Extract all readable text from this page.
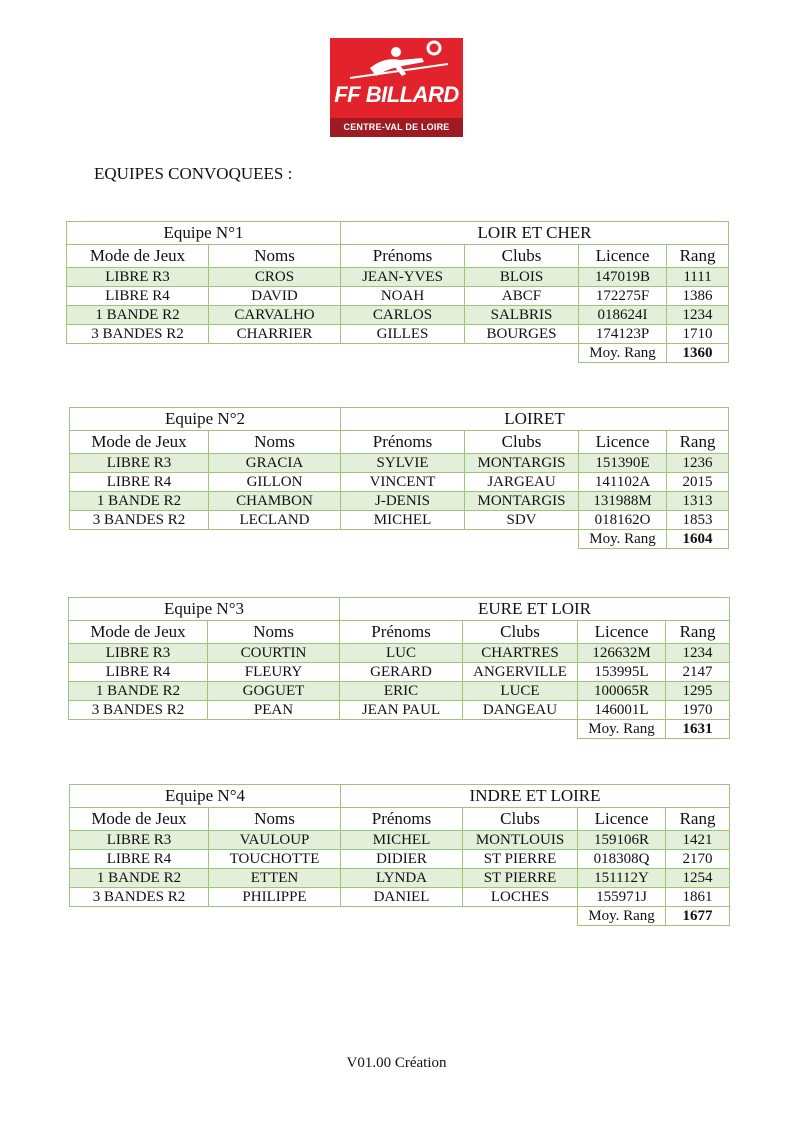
FF BILLARD
CENTRE-VAL DE LOIRE
EQUIPES CONVOQUEES :
Equipe N°1		LOIR ET CHER			
Mode de Jeux	Noms	Prénoms	Clubs	Licence	Rang
LIBRE R3	CROS	JEAN-YVES	BLOIS	147019B	1111
LIBRE R4	DAVID	NOAH	ABCF	172275F	1386
1 BANDE R2	CARVALHO	CARLOS	SALBRIS	018624I	1234
3 BANDES R2	CHARRIER	GILLES	BOURGES	174123P	1710
				Moy. Rang	1360
Equipe N°2		LOIRET			
Mode de Jeux	Noms	Prénoms	Clubs	Licence	Rang
LIBRE R3	GRACIA	SYLVIE	MONTARGIS	151390E	1236
LIBRE R4	GILLON	VINCENT	JARGEAU	141102A	2015
1 BANDE R2	CHAMBON	J-DENIS	MONTARGIS	131988M	1313
3 BANDES R2	LECLAND	MICHEL	SDV	018162O	1853
				Moy. Rang	1604
Equipe N°3		EURE ET LOIR			
Mode de Jeux	Noms	Prénoms	Clubs	Licence	Rang
LIBRE R3	COURTIN	LUC	CHARTRES	126632M	1234
LIBRE R4	FLEURY	GERARD	ANGERVILLE	153995L	2147
1 BANDE R2	GOGUET	ERIC	LUCE	100065R	1295
3 BANDES R2	PEAN	JEAN PAUL	DANGEAU	146001L	1970
				Moy. Rang	1631
Equipe N°4		INDRE ET LOIRE			
Mode de Jeux	Noms	Prénoms	Clubs	Licence	Rang
LIBRE R3	VAULOUP	MICHEL	MONTLOUIS	159106R	1421
LIBRE R4	TOUCHOTTE	DIDIER	ST PIERRE	018308Q	2170
1 BANDE R2	ETTEN	LYNDA	ST PIERRE	151112Y	1254
3 BANDES R2	PHILIPPE	DANIEL	LOCHES	155971J	1861
				Moy. Rang	1677
V01.00 Création
